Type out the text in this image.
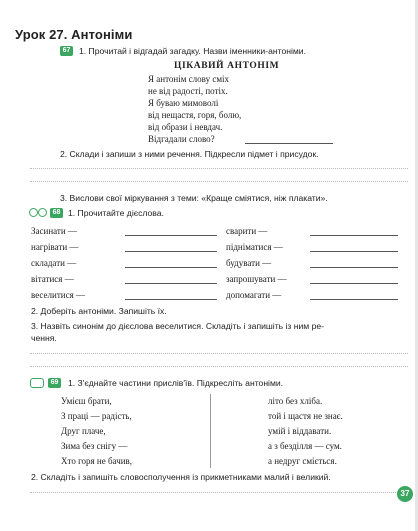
Урок 27. Антоніми
67	1. Прочитай і відгадай загадку. Назви іменники-антоніми.
ЦІКАВИЙ АНТОНІМ
Я антонім слову сміх
не від радості, потіх.
Я буваю мимоволі
від нещастя, горя, болю,
від образи і невдач.
Відгадали слово?
2. Склади і запиши з ними речення. Підкресли підмет і присудок.
3. Вислови свої міркування з теми: «Краще сміятися, ніж плакати».
68 1. Прочитайте дієслова.
Засинати —
нагрівати —
складати —
вітатися —
веселитися —
сварити —
підніматися —
будувати —
запрошувати —
допомагати —
2. Доберіть антоніми. Запишіть їх.
3. Назвіть синонім до дієслова веселитися. Складіть і запишіть із ним ре-
чення.
69	1. З'єднайте частини прислів'їв. Підкресліть антоніми.
Умієш брати,
З праці — радість,
Друг плаче,
Зима без снігу —
Хто горя не бачив,
літо без хліба.
той і щастя не знає.
умій і віддавати.
а з безділля — сум.
а недруг сміється.
2. Складіть і запишіть словосполучення із прикметниками малий і великий.
37
